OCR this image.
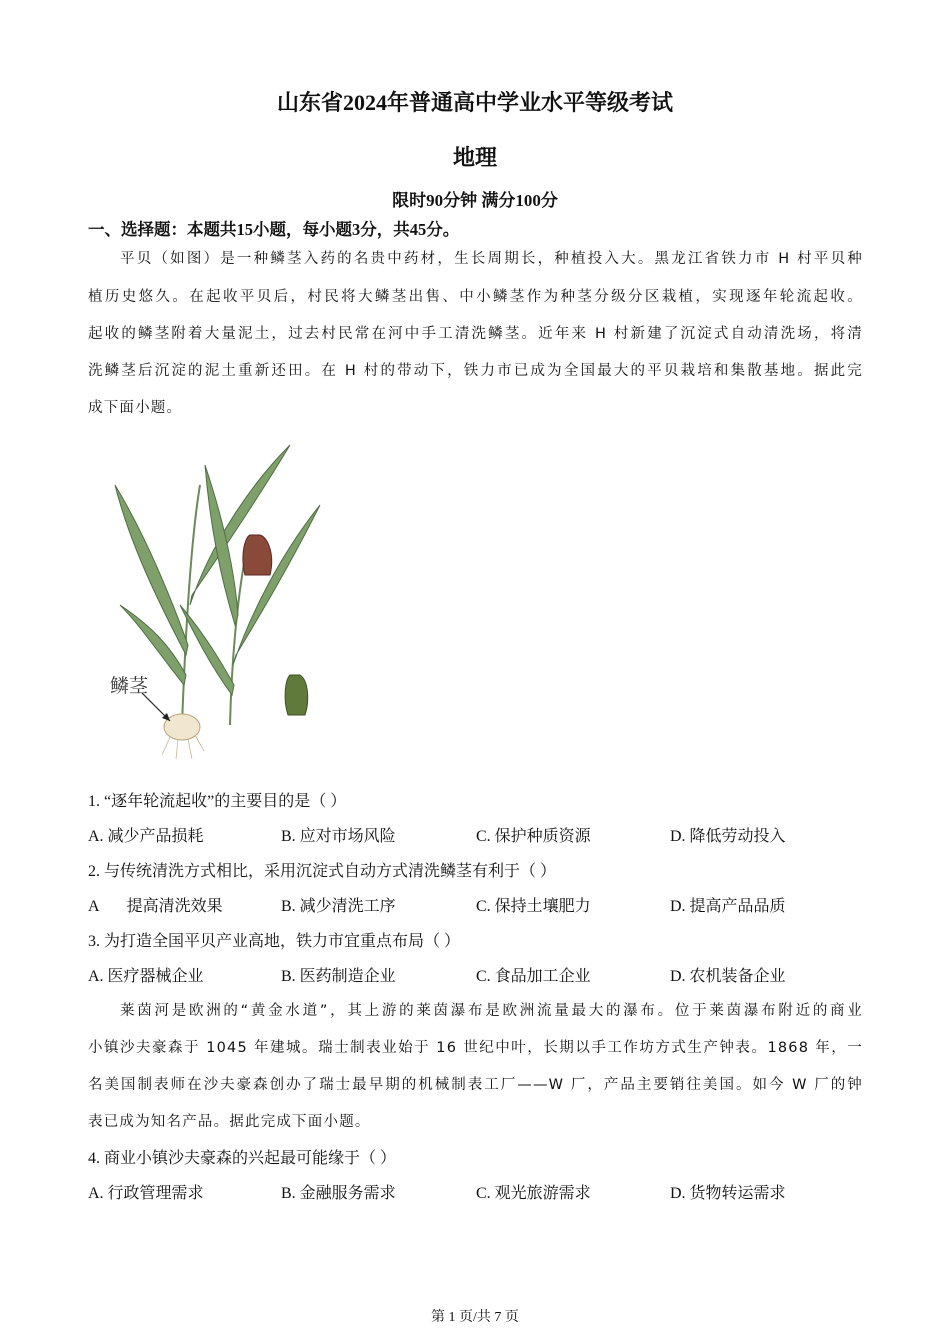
山东省2024年普通高中学业水平等级考试
地理
限时90分钟 满分100分
一、选择题：本题共15小题，每小题3分，共45分。
平贝（如图）是一种鳞茎入药的名贵中药材，生长周期长，种植投入大。黑龙江省铁力市 H 村平贝种
植历史悠久。在起收平贝后，村民将大鳞茎出售、中小鳞茎作为种茎分级分区栽植，实现逐年轮流起收。
起收的鳞茎附着大量泥土，过去村民常在河中手工清洗鳞茎。近年来 H 村新建了沉淀式自动清洗场，将清
洗鳞茎后沉淀的泥土重新还田。在 H 村的带动下，铁力市已成为全国最大的平贝栽培和集散基地。据此完
成下面小题。
鳞茎
1. “逐年轮流起收”的主要目的是（ ）
A. 减少产品损耗	B. 应对市场风险	C. 保护种质资源	D. 降低劳动投入
2. 与传统清洗方式相比，采用沉淀式自动方式清洗鳞茎有利于（ ）
A       提高清洗效果	B. 减少清洗工序	C. 保持土壤肥力	D. 提高产品品质
3. 为打造全国平贝产业高地，铁力市宜重点布局（ ）
A. 医疗器械企业	B. 医药制造企业	C. 食品加工企业	D. 农机装备企业
莱茵河是欧洲的“黄金水道”，其上游的莱茵瀑布是欧洲流量最大的瀑布。位于莱茵瀑布附近的商业
小镇沙夫豪森于 1045 年建城。瑞士制表业始于 16 世纪中叶，长期以手工作坊方式生产钟表。1868 年，一
名美国制表师在沙夫豪森创办了瑞士最早期的机械制表工厂——W 厂，产品主要销往美国。如今 W 厂的钟
表已成为知名产品。据此完成下面小题。
4. 商业小镇沙夫豪森的兴起最可能缘于（ ）
A. 行政管理需求	B. 金融服务需求	C. 观光旅游需求	D. 货物转运需求
第 1 页/共 7 页
